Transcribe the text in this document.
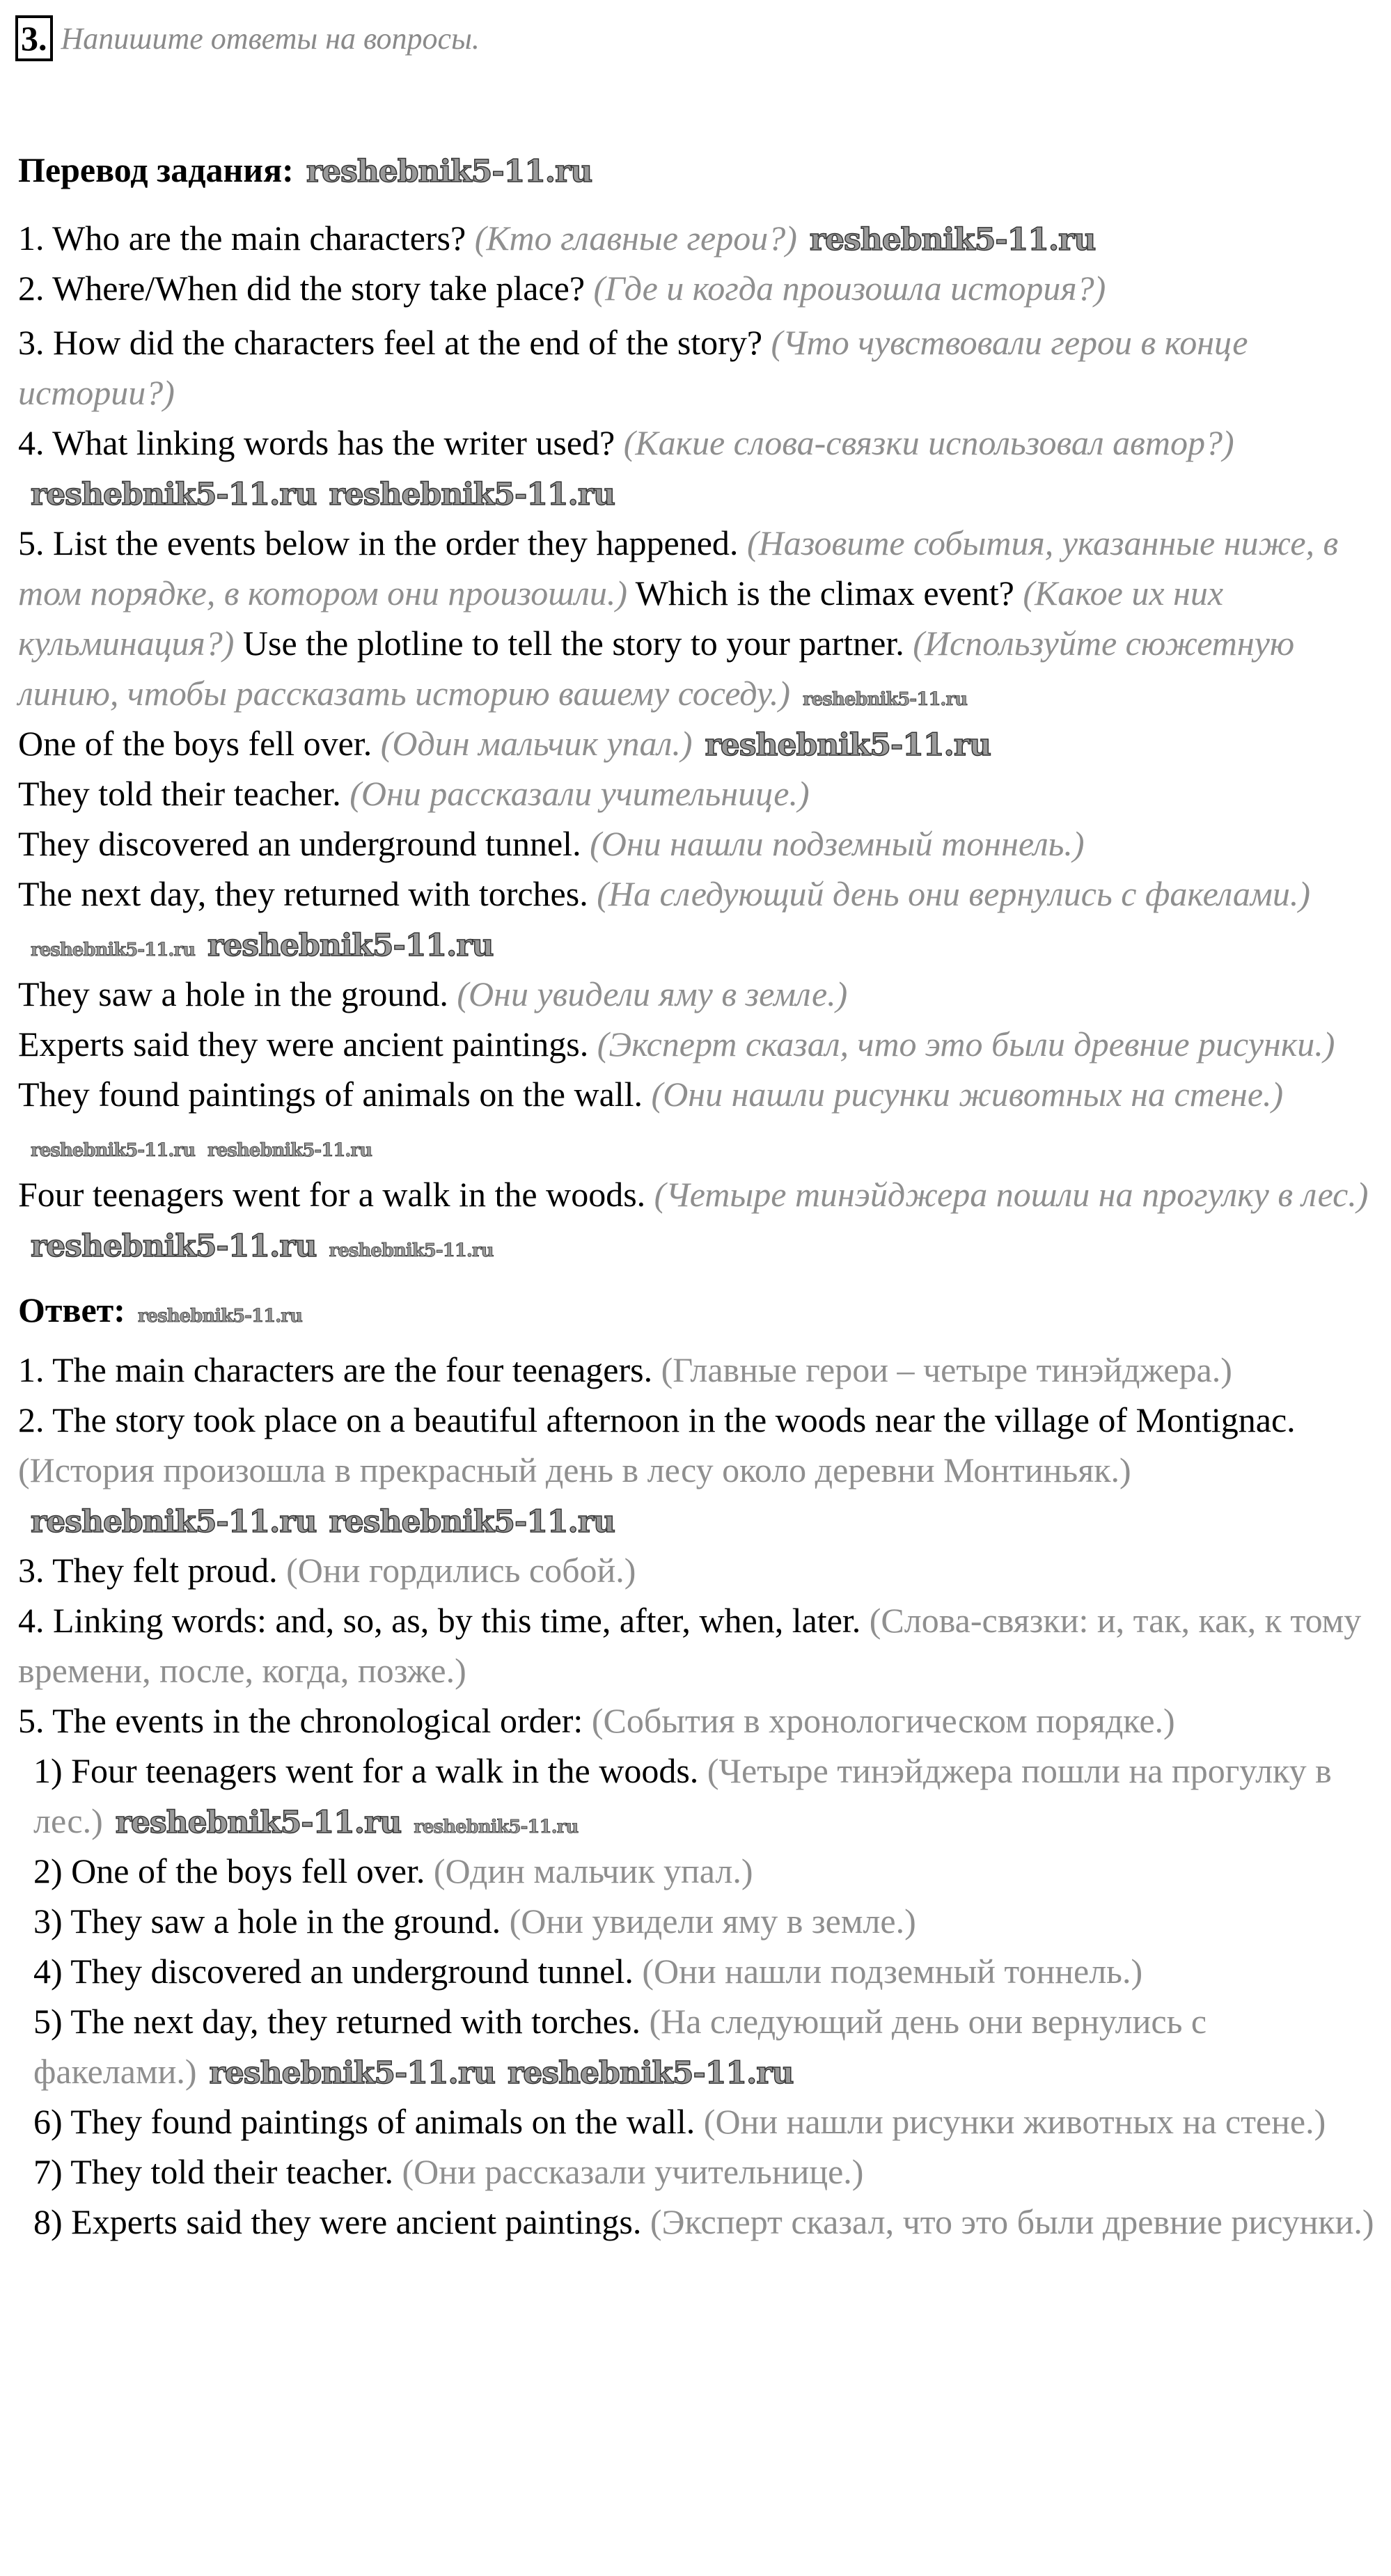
3. Напишите ответы на вопросы.

Перевод задания: reshebnik5-11.ru

1. Who are the main characters? (Кто главные герои?) reshebnik5-11.ru

2. Where/When did the story take place? (Где и когда произошла история?)

3. How did the characters feel at the end of the story? (Что чувствовали герои в конце истории?)

4. What linking words has the writer used? (Какие слова-связки использовал автор?)reshebnik5-11.ru reshebnik5-11.ru

5. List the events below in the order they happened. (Назовите события, указанные ниже, в том порядке, в котором они произошли.) Which is the climax event? (Какое их них кульминация?) Use the plotline to tell the story to your partner. (Используйте сюжетную линию, чтобы рассказать историю вашему соседу.) reshebnik5-11.ru

One of the boys fell over. (Один мальчик упал.) reshebnik5-11.ru

They told their teacher. (Они рассказали учительнице.)

They discovered an underground tunnel. (Они нашли подземный тоннель.)

The next day, they returned with torches. (На следующий день они вернулись с факелами.)reshebnik5-11.ru reshebnik5-11.ru

They saw a hole in the ground. (Они увидели яму в земле.)

Experts said they were ancient paintings. (Эксперт сказал, что это были древние рисунки.)

They found paintings of animals on the wall. (Они нашли рисунки животных на стене.)reshebnik5-11.ru reshebnik5-11.ru

Four teenagers went for a walk in the woods. (Четыре тинэйджера пошли на прогулку в лес.)reshebnik5-11.ru reshebnik5-11.ru

Ответ: reshebnik5-11.ru

1. The main characters are the four teenagers. (Главные герои – четыре тинэйджера.)

2. The story took place on a beautiful afternoon in the woods near the village of Montignac. (История произошла в прекрасный день в лесу около деревни Монтиньяк.)reshebnik5-11.ru reshebnik5-11.ru

3. They felt proud. (Они гордились собой.)

4. Linking words: and, so, as, by this time, after, when, later. (Слова-связки: и, так, как, к тому времени, после, когда, позже.)

5. The events in the chronological order: (События в хронологическом порядке.)

1) Four teenagers went for a walk in the woods. (Четыре тинэйджера пошли на прогулку в лес.) reshebnik5-11.ru reshebnik5-11.ru

2) One of the boys fell over. (Один мальчик упал.)

3) They saw a hole in the ground. (Они увидели яму в земле.)

4) They discovered an underground tunnel. (Они нашли подземный тоннель.)

5) The next day, they returned with torches. (На следующий день они вернулись с факелами.) reshebnik5-11.ru reshebnik5-11.ru

6) They found paintings of animals on the wall. (Они нашли рисунки животных на стене.)

7) They told their teacher. (Они рассказали учительнице.)

8) Experts said they were ancient paintings. (Эксперт сказал, что это были древние рисунки.)
